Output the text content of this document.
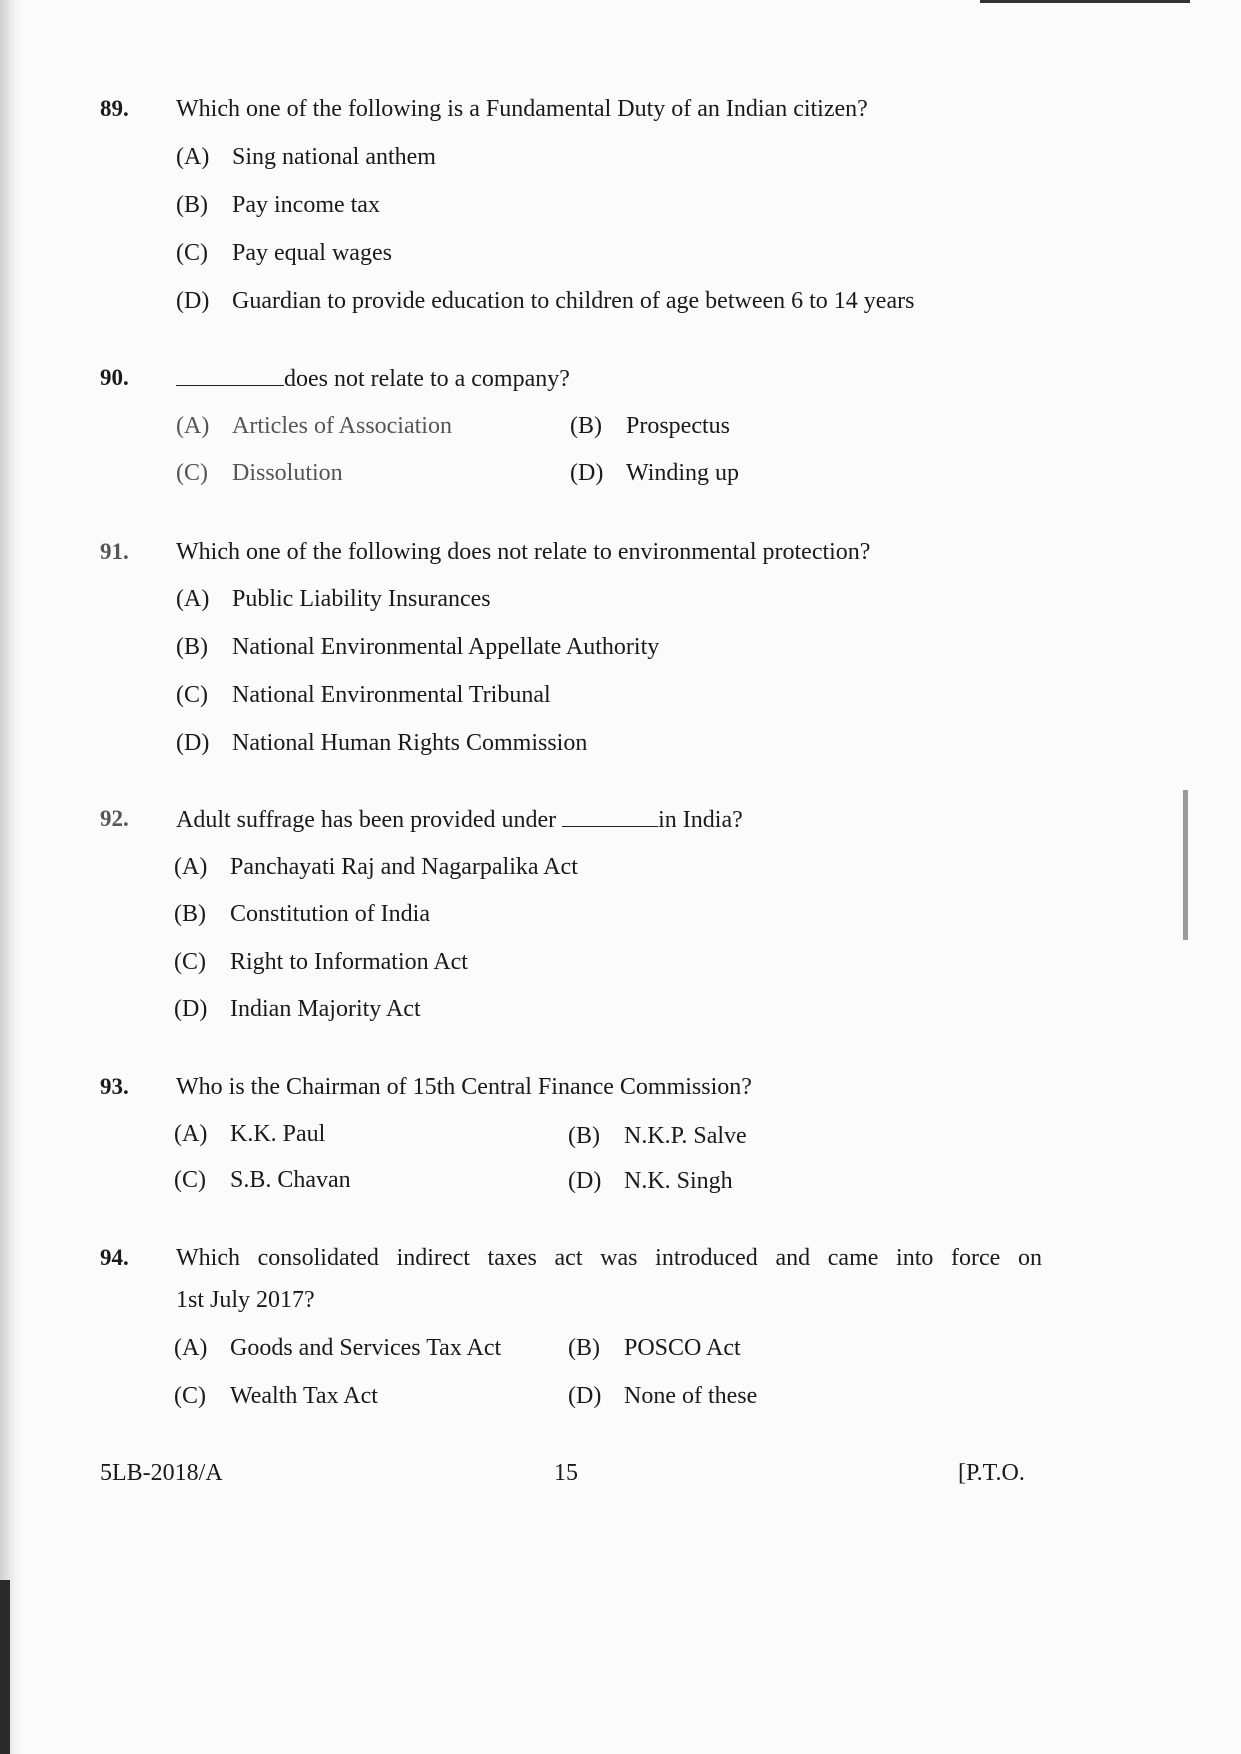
89. Which one of the following is a Fundamental Duty of an Indian citizen?
(A) Sing national anthem
(B) Pay income tax
(C) Pay equal wages
(D) Guardian to provide education to children of age between 6 to 14 years
90.	does not relate to a company?
(A) Articles of Association	(B) Prospectus
(C) Dissolution	(D) Winding up
91. Which one of the following does not relate to environmental protection?
(A) Public Liability Insurances
(B) National Environmental Appellate Authority
(C) National Environmental Tribunal
(D) National Human Rights Commission
92. Adult suffrage has been provided under	in India?
(A) Panchayati Raj and Nagarpalika Act
(B) Constitution of India
(C) Right to Information Act
(D) Indian Majority Act
93. Who is the Chairman of 15th Central Finance Commission?
(A) K.K. Paul	(B) N.K.P. Salve
(C) S.B. Chavan	(D) N.K. Singh
94. Which consolidated indirect taxes act was introduced and came into force on
1st July 2017?
(A) Goods and Services Tax Act	(B) POSCO Act
(C) Wealth Tax Act	(D) None of these
5LB-2018/A	15	[P.T.O.
